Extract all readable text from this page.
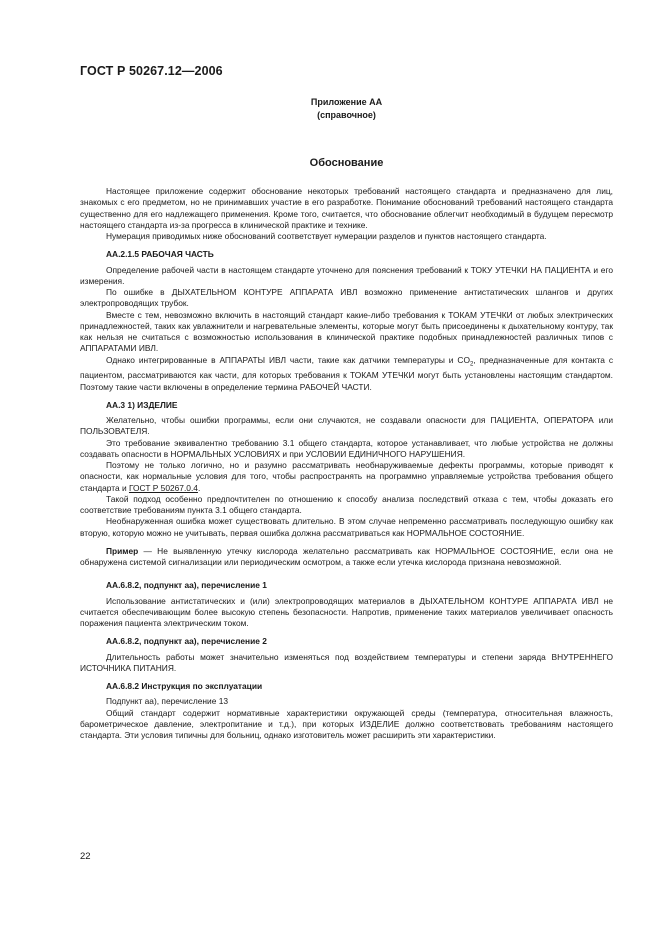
ГОСТ Р 50267.12—2006
Приложение АА
(справочное)
Обоснование

Настоящее приложение содержит обоснование некоторых требований настоящего стандарта и предназначено для лиц, знакомых с его предметом, но не принимавших участие в его разработке. Понимание обоснований требований настоящего стандарта существенно для его надлежащего применения. Кроме того, считается, что обоснование облегчит необходимый в будущем пересмотр настоящего стандарта из-за прогресса в клинической практике и технике.

Нумерация приводимых ниже обоснований соответствует нумерации разделов и пунктов настоящего стандарта.

АА.2.1.5 РАБОЧАЯ ЧАСТЬ

Определение рабочей части в настоящем стандарте уточнено для пояснения требований к ТОКУ УТЕЧКИ НА ПАЦИЕНТА и его измерения.

По ошибке в ДЫХАТЕЛЬНОМ КОНТУРЕ АППАРАТА ИВЛ возможно применение антистатических шлангов и других электропроводящих трубок.

Вместе с тем, невозможно включить в настоящий стандарт какие-либо требования к ТОКАМ УТЕЧКИ от любых электрических принадлежностей, таких как увлажнители и нагревательные элементы, которые могут быть присоединены к дыхательному контуру, так как нельзя не считаться с возможностью использования в клинической практике подобных принадлежностей различных типов с АППАРАТАМИ ИВЛ.

Однако интегрированные в АППАРАТЫ ИВЛ части, такие как датчики температуры и $CO_2$, предназначенные для контакта с пациентом, рассматриваются как части, для которых требования к ТОКАМ УТЕЧКИ могут быть установлены настоящим стандартом. Поэтому такие части включены в определение термина РАБОЧЕЙ ЧАСТИ.

АА.3 1) ИЗДЕЛИЕ

Желательно, чтобы ошибки программы, если они случаются, не создавали опасности для ПАЦИЕНТА, ОПЕРАТОРА или ПОЛЬЗОВАТЕЛЯ.

Это требование эквивалентно требованию 3.1 общего стандарта, которое устанавливает, что любые устройства не должны создавать опасности в НОРМАЛЬНЫХ УСЛОВИЯХ и при УСЛОВИИ ЕДИНИЧНОГО НАРУШЕНИЯ.

Поэтому не только логично, но и разумно рассматривать необнаруживаемые дефекты программы, которые приводят к опасности, как нормальные условия для того, чтобы распространять на программно управляемые устройства требования общего стандарта и ГОСТ Р 50267.0.4.

Такой подход особенно предпочтителен по отношению к способу анализа последствий отказа с тем, чтобы доказать его соответствие требованиям пункта 3.1 общего стандарта.

Необнаруженная ошибка может существовать длительно. В этом случае непременно рассматривать последующую ошибку как вторую, которую можно не учитывать, первая ошибка должна рассматриваться как НОРМАЛЬНОЕ СОСТОЯНИЕ.

Пример — Не выявленную утечку кислорода желательно рассматривать как НОРМАЛЬНОЕ СОСТОЯНИЕ, если она не обнаружена системой сигнализации или периодическим осмотром, а также если утечка кислорода признана невозможной.

АА.6.8.2, подпункт аа), перечисление 1

Использование антистатических и (или) электропроводящих материалов в ДЫХАТЕЛЬНОМ КОНТУРЕ АППАРАТА ИВЛ не считается обеспечивающим более высокую степень безопасности. Напротив, применение таких материалов увеличивает опасность поражения пациента электрическим током.

АА.6.8.2, подпункт аа), перечисление 2

Длительность работы может значительно изменяться под воздействием температуры и степени заряда ВНУТРЕННЕГО ИСТОЧНИКА ПИТАНИЯ.

АА.6.8.2 Инструкция по эксплуатации

Подпункт аа), перечисление 13

Общий стандарт содержит нормативные характеристики окружающей среды (температура, относительная влажность, барометрическое давление, электропитание и т.д.), при которых ИЗДЕЛИЕ должно соответствовать требованиям настоящего стандарта. Эти условия типичны для больниц, однако изготовитель может расширить эти характеристики.

22
